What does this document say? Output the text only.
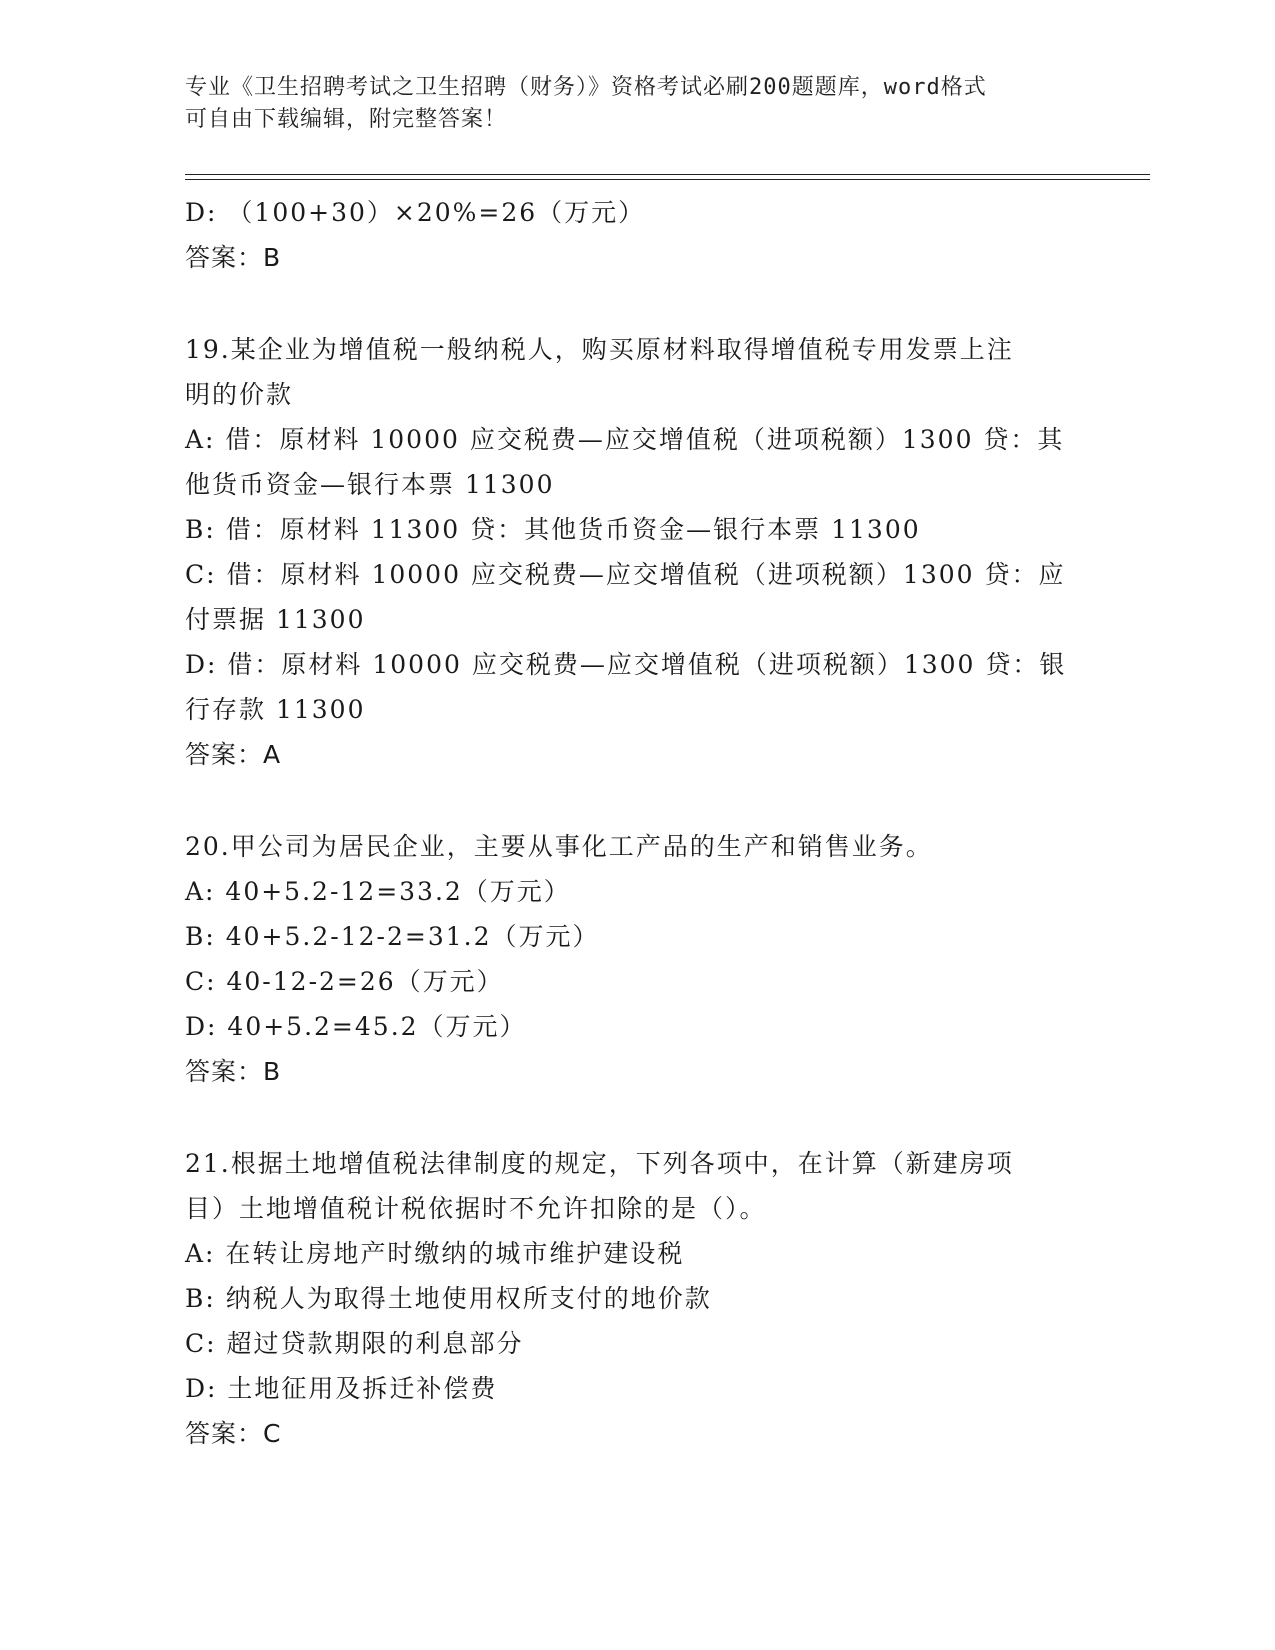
专业《卫生招聘考试之卫生招聘（财务）》资格考试必刷200题题库，word格式
可自由下载编辑，附完整答案！
D: （100+30）×20%=26（万元）
答案：B
19.某企业为增值税一般纳税人，购买原材料取得增值税专用发票上注
明的价款
A: 借：原材料 10000 应交税费—应交增值税（进项税额）1300 贷：其
他货币资金—银行本票 11300
B: 借：原材料 11300 贷：其他货币资金—银行本票 11300
C: 借：原材料 10000 应交税费—应交增值税（进项税额）1300 贷：应
付票据 11300
D: 借：原材料 10000 应交税费—应交增值税（进项税额）1300 贷：银
行存款 11300
答案：A
20.甲公司为居民企业，主要从事化工产品的生产和销售业务。
A: 40+5.2-12=33.2（万元）
B: 40+5.2-12-2=31.2（万元）
C: 40-12-2=26（万元）
D: 40+5.2=45.2（万元）
答案：B
21.根据土地增值税法律制度的规定，下列各项中，在计算（新建房项
目）土地增值税计税依据时不允许扣除的是（）。
A: 在转让房地产时缴纳的城市维护建设税
B: 纳税人为取得土地使用权所支付的地价款
C: 超过贷款期限的利息部分
D: 土地征用及拆迁补偿费
答案：C
